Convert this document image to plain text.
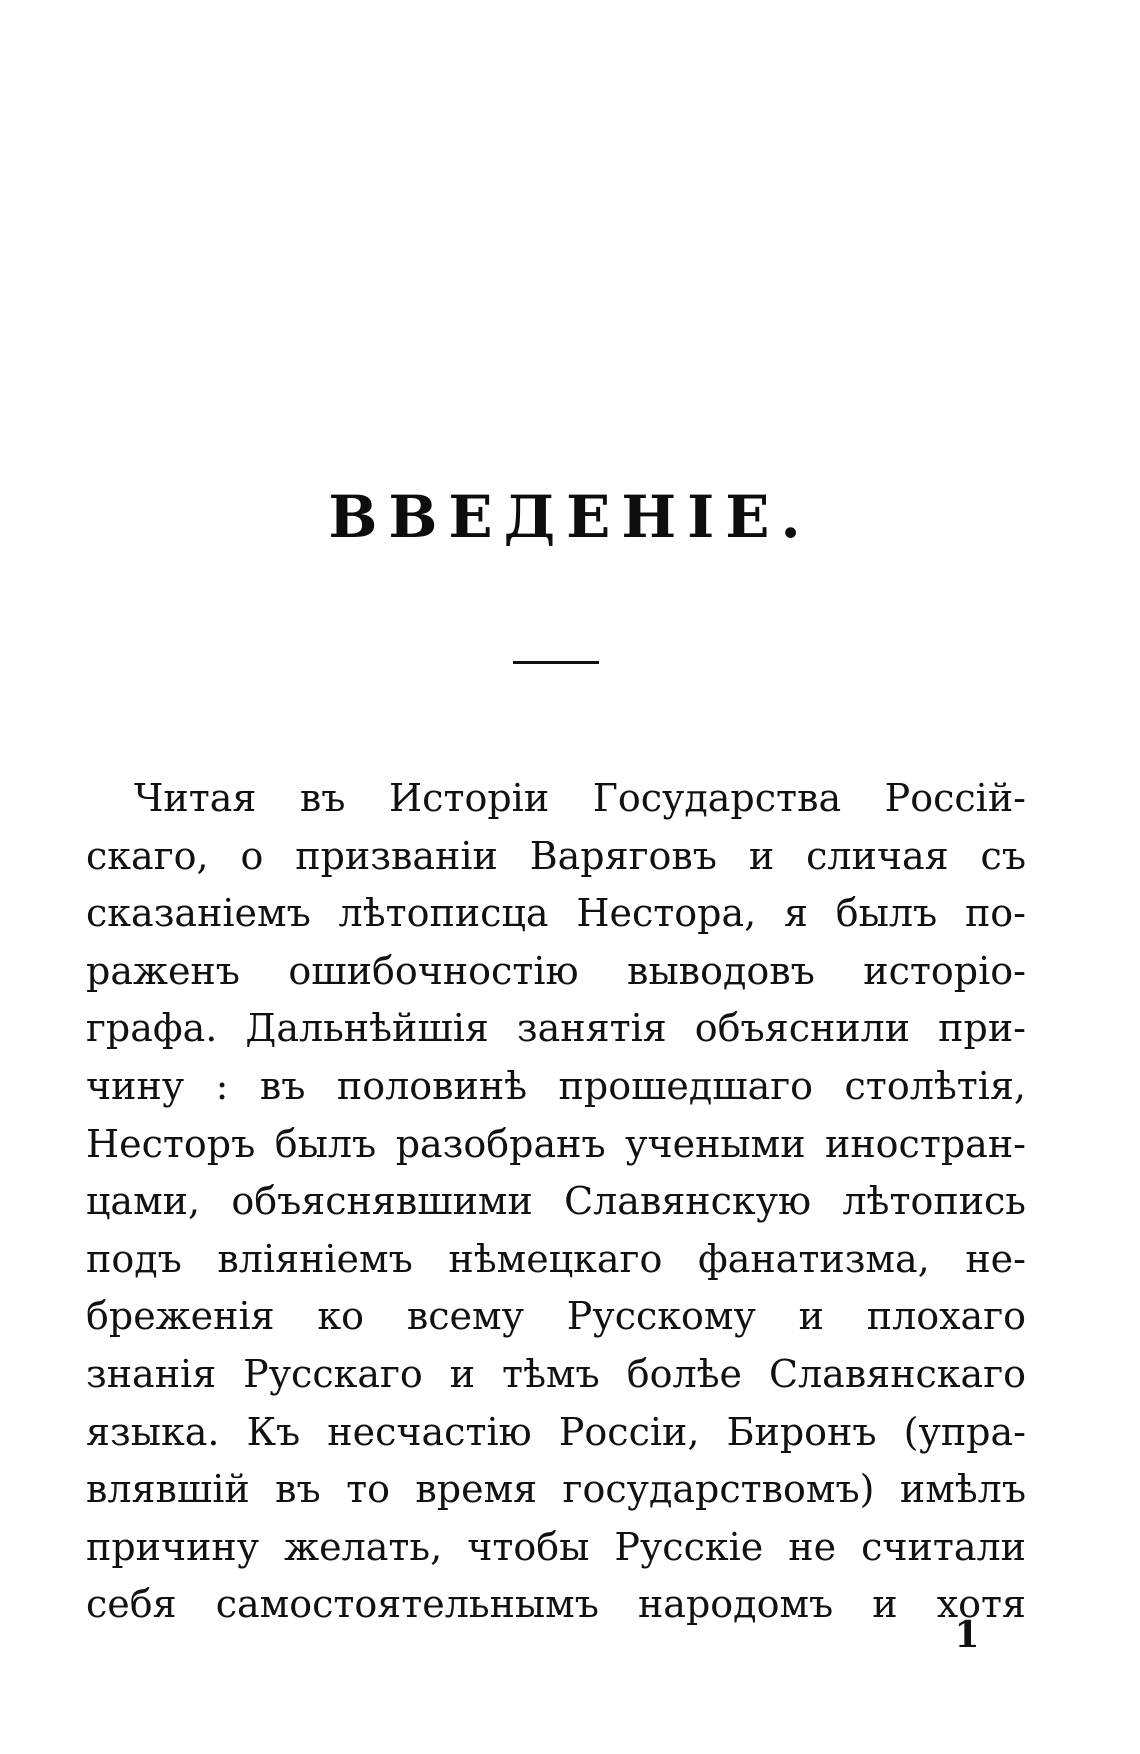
ВВЕДЕНІЕ.
Читая въ Исторіи Государства Россій-
скаго, о призваніи Варяговъ и сличая съ
сказаніемъ лѣтописца Нестора, я былъ по-
раженъ ошибочностію выводовъ исторіо-
графа. Дальнѣйшія занятія объяснили при-
чину : въ половинѣ прошедшаго столѣтія,
Несторъ былъ разобранъ учеными иностран-
цами, объяснявшими Славянскую лѣтопись
подъ вліяніемъ нѣмецкаго фанатизма, не-
бреженія ко всему Русскому и плохаго
знанія Русскаго и тѣмъ болѣе Славянскаго
языка. Къ несчастію Россіи, Биронъ (упра-
влявшій въ то время государствомъ) имѣлъ
причину желать, чтобы Русскіе не считали
себя самостоятельнымъ народомъ и хотя
1
